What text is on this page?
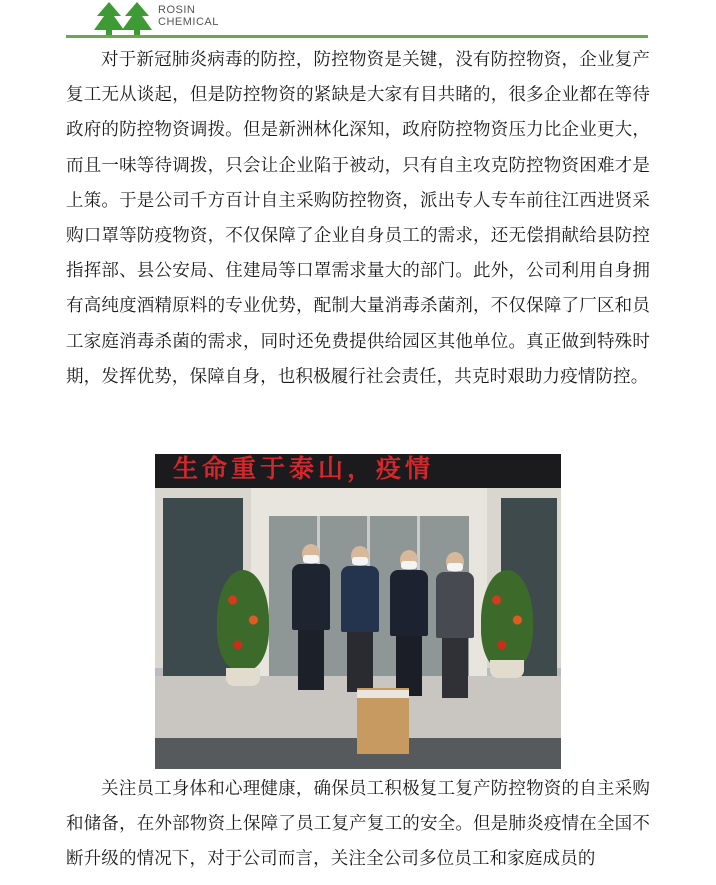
ROSIN
CHEMICAL

对于新冠肺炎病毒的防控，防控物资是关键，没有防控物资，企业复产复工无从谈起，但是防控物资的紧缺是大家有目共睹的，很多企业都在等待政府的防控物资调拨。但是新洲林化深知，政府防控物资压力比企业更大，而且一味等待调拨，只会让企业陷于被动，只有自主攻克防控物资困难才是上策。于是公司千方百计自主采购防控物资，派出专人专车前往江西进贤采购口罩等防疫物资，不仅保障了企业自身员工的需求，还无偿捐献给县防控指挥部、县公安局、住建局等口罩需求量大的部门。此外，公司利用自身拥有高纯度酒精原料的专业优势，配制大量消毒杀菌剂，不仅保障了厂区和员工家庭消毒杀菌的需求，同时还免费提供给园区其他单位。真正做到特殊时期，发挥优势，保障自身，也积极履行社会责任，共克时艰助力疫情防控。

生命重于泰山，疫情

关注员工身体和心理健康，确保员工积极复工复产防控物资的自主采购和储备，在外部物资上保障了员工复产复工的安全。但是肺炎疫情在全国不断升级的情况下，对于公司而言，关注全公司多位员工和家庭成员的
